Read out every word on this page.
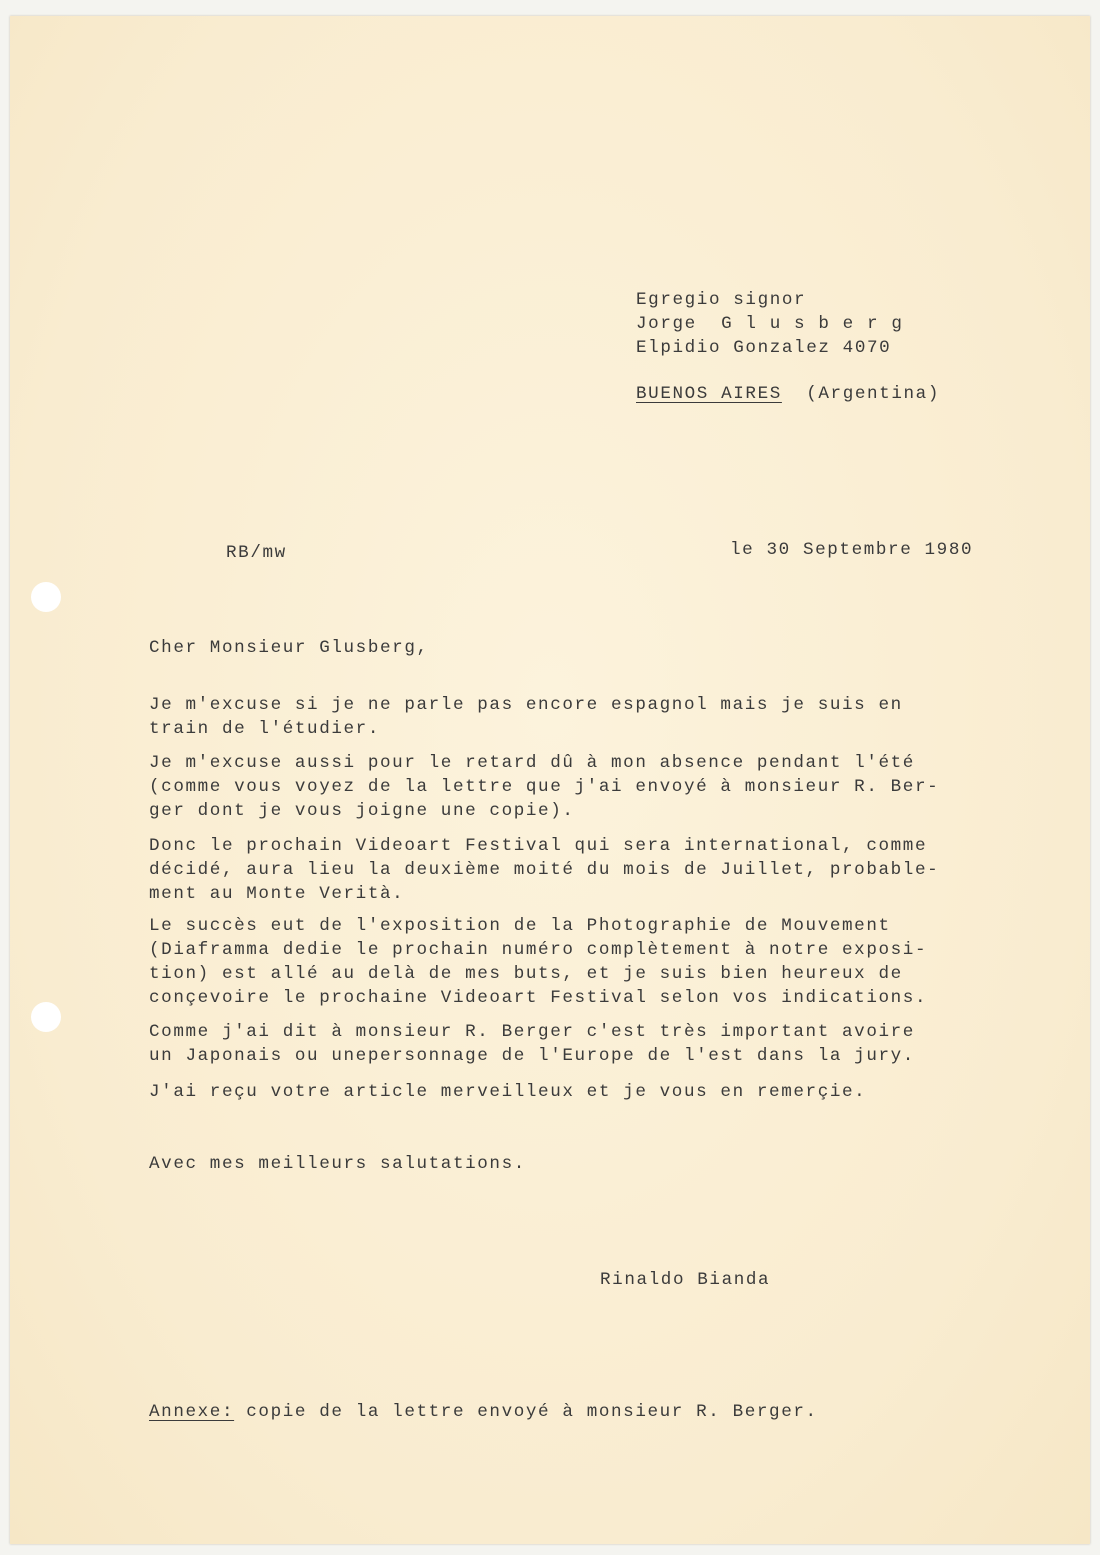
Egregio signor

Jorge  G l u s b e r g

Elpidio Gonzalez 4070

BUENOS AIRES (Argentina)

RB/mw	le 30 Septembre 1980

Cher Monsieur Glusberg,

Je m'excuse si je ne parle pas encore espagnol mais je suis en

train de l'étudier.

Je m'excuse aussi pour le retard dû à mon absence pendant l'été

(comme vous voyez de la lettre que j'ai envoyé à monsieur R. Ber-

ger dont je vous joigne une copie).

Donc le prochain Videoart Festival qui sera international, comme

décidé, aura lieu la deuxième moité du mois de Juillet, probable-

ment au Monte Verità.

Le succès eut de l'exposition de la Photographie de Mouvement

(Diaframma dedie le prochain numéro complètement à notre exposi-

tion) est allé au delà de mes buts, et je suis bien heureux de

conçevoire le prochaine Videoart Festival selon vos indications.

Comme j'ai dit à monsieur R. Berger c'est très important avoire

un Japonais ou unepersonnage de l'Europe de l'est dans la jury.

J'ai reçu votre article merveilleux et je vous en remerçie.

Avec mes meilleurs salutations.

Rinaldo Bianda

Annexe: copie de la lettre envoyé à monsieur R. Berger.
